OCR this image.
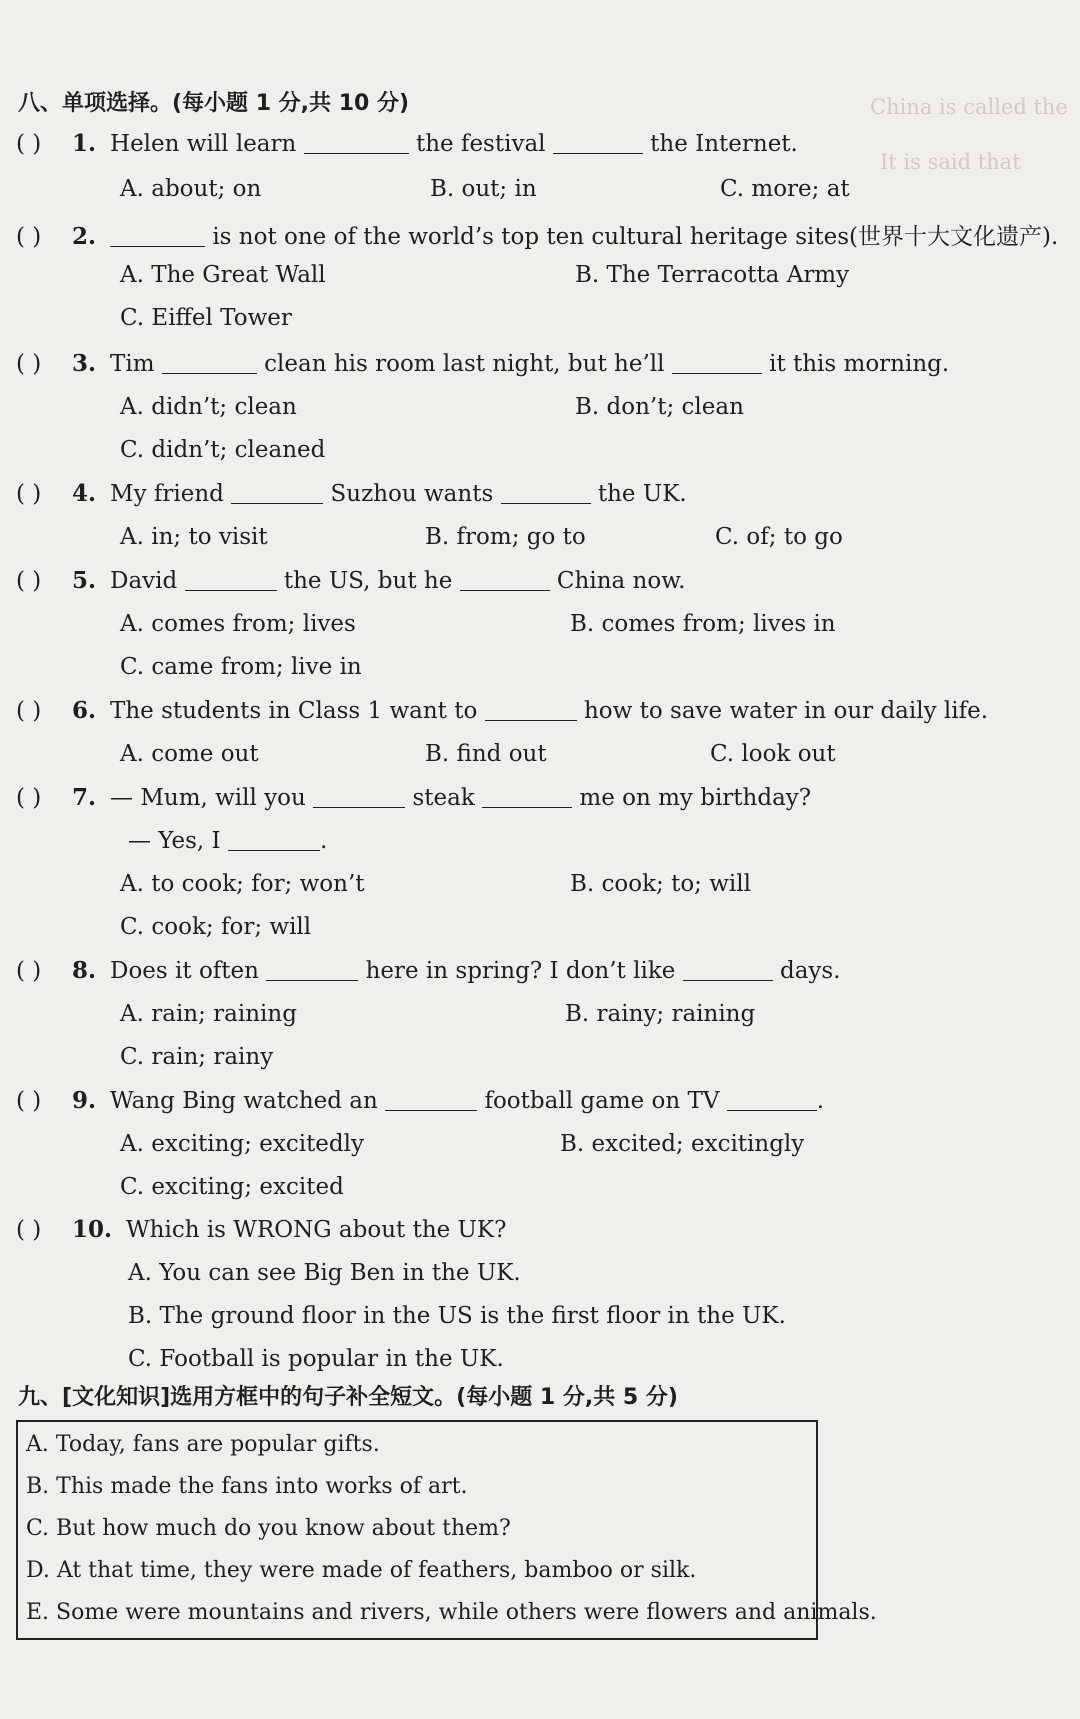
China is called the
It is said that
八、单项选择。(每小题 1 分,共 10 分)
( ) 1. Helen will learn	the festival	the Internet.
A. about; on	B. out; in	C. more; at
( ) 2.	is not one of the world’s top ten cultural heritage sites(世界十大文化遗产).
A. The Great Wall	B. The Terracotta Army
C. Eiffel Tower
( ) 3. Tim	clean his room last night, but he’ll	it this morning.
A. didn’t; clean	B. don’t; clean
C. didn’t; cleaned
( ) 4. My friend	Suzhou wants	the UK.
A. in; to visit	B. from; go to	C. of; to go
( ) 5. David	the US, but he	China now.
A. comes from; lives	B. comes from; lives in
C. came from; live in
( ) 6. The students in Class 1 want to	how to save water in our daily life.
A. come out	B. find out	C. look out
( ) 7. — Mum, will you	steak	me on my birthday?
— Yes, I	.
A. to cook; for; won’t	B. cook; to; will
C. cook; for; will
( ) 8. Does it often	here in spring? I don’t like	days.
A. rain; raining	B. rainy; raining
C. rain; rainy
( ) 9. Wang Bing watched an	football game on TV	.
A. exciting; excitedly	B. excited; excitingly
C. exciting; excited
( ) 10. Which is WRONG about the UK?
A. You can see Big Ben in the UK.
B. The ground floor in the US is the first floor in the UK.
C. Football is popular in the UK.
九、[文化知识]选用方框中的句子补全短文。(每小题 1 分,共 5 分)
A. Today, fans are popular gifts.
B. This made the fans into works of art.
C. But how much do you know about them?
D. At that time, they were made of feathers, bamboo or silk.
E. Some were mountains and rivers, while others were flowers and animals.
